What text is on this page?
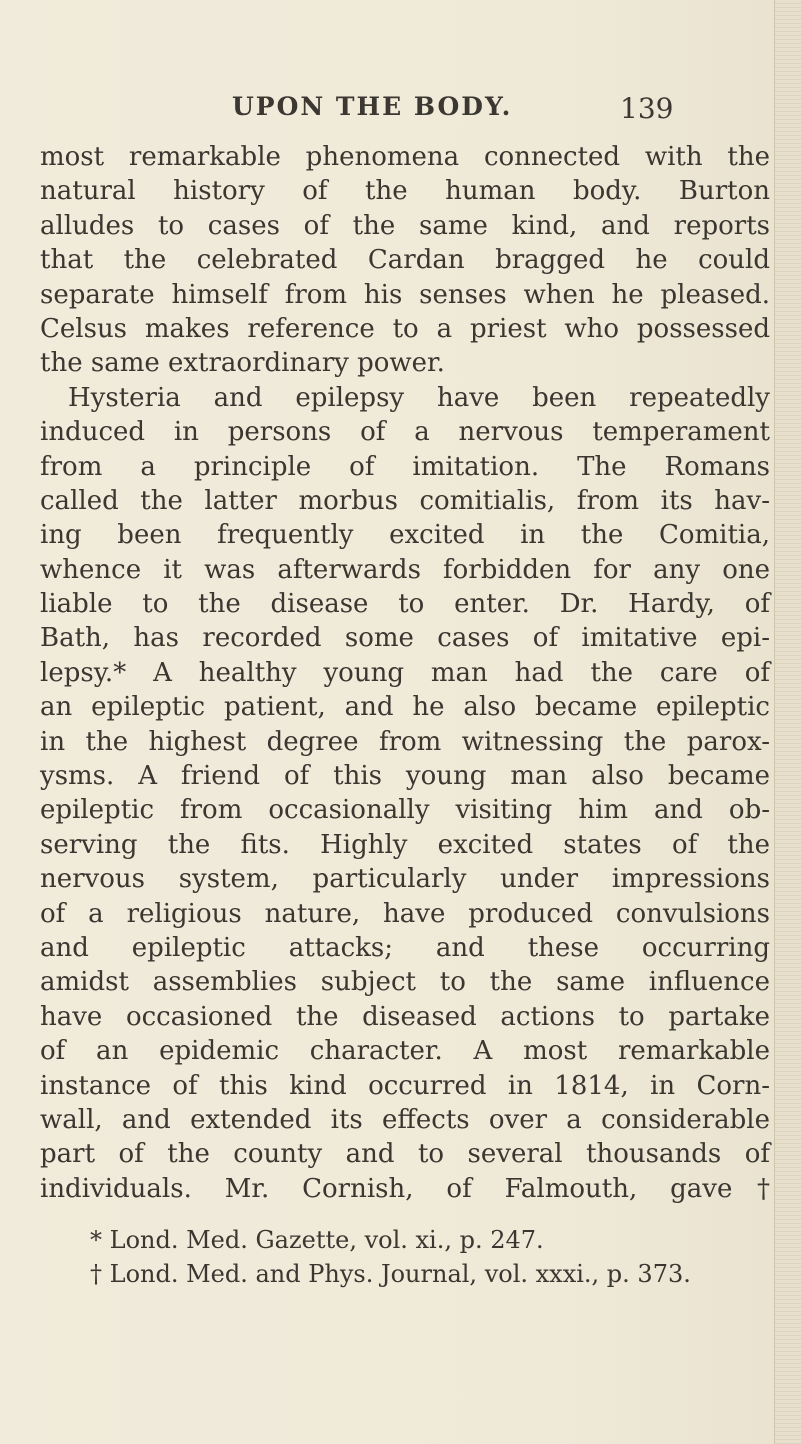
UPON THE BODY.	139
most remarkable phenomena connected with the
natural history of the human body. Burton
alludes to cases of the same kind, and reports
that the celebrated Cardan bragged he could
separate himself from his senses when he pleased.
Celsus makes reference to a priest who possessed
the same extraordinary power.
Hysteria and epilepsy have been repeatedly
induced in persons of a nervous temperament
from a principle of imitation. The Romans
called the latter morbus comitialis, from its hav-
ing been frequently excited in the Comitia,
whence it was afterwards forbidden for any one
liable to the disease to enter. Dr. Hardy, of
Bath, has recorded some cases of imitative epi-
lepsy.* A healthy young man had the care of
an epileptic patient, and he also became epileptic
in the highest degree from witnessing the parox-
ysms. A friend of this young man also became
epileptic from occasionally visiting him and ob-
serving the fits. Highly excited states of the
nervous system, particularly under impressions
of a religious nature, have produced convulsions
and epileptic attacks; and these occurring
amidst assemblies subject to the same influence
have occasioned the diseased actions to partake
of an epidemic character. A most remarkable
instance of this kind occurred in 1814, in Corn-
wall, and extended its effects over a considerable
part of the county and to several thousands of
individuals. Mr. Cornish, of Falmouth, gave†
* Lond. Med. Gazette, vol. xi., p. 247.
† Lond. Med. and Phys. Journal, vol. xxxi., p. 373.
